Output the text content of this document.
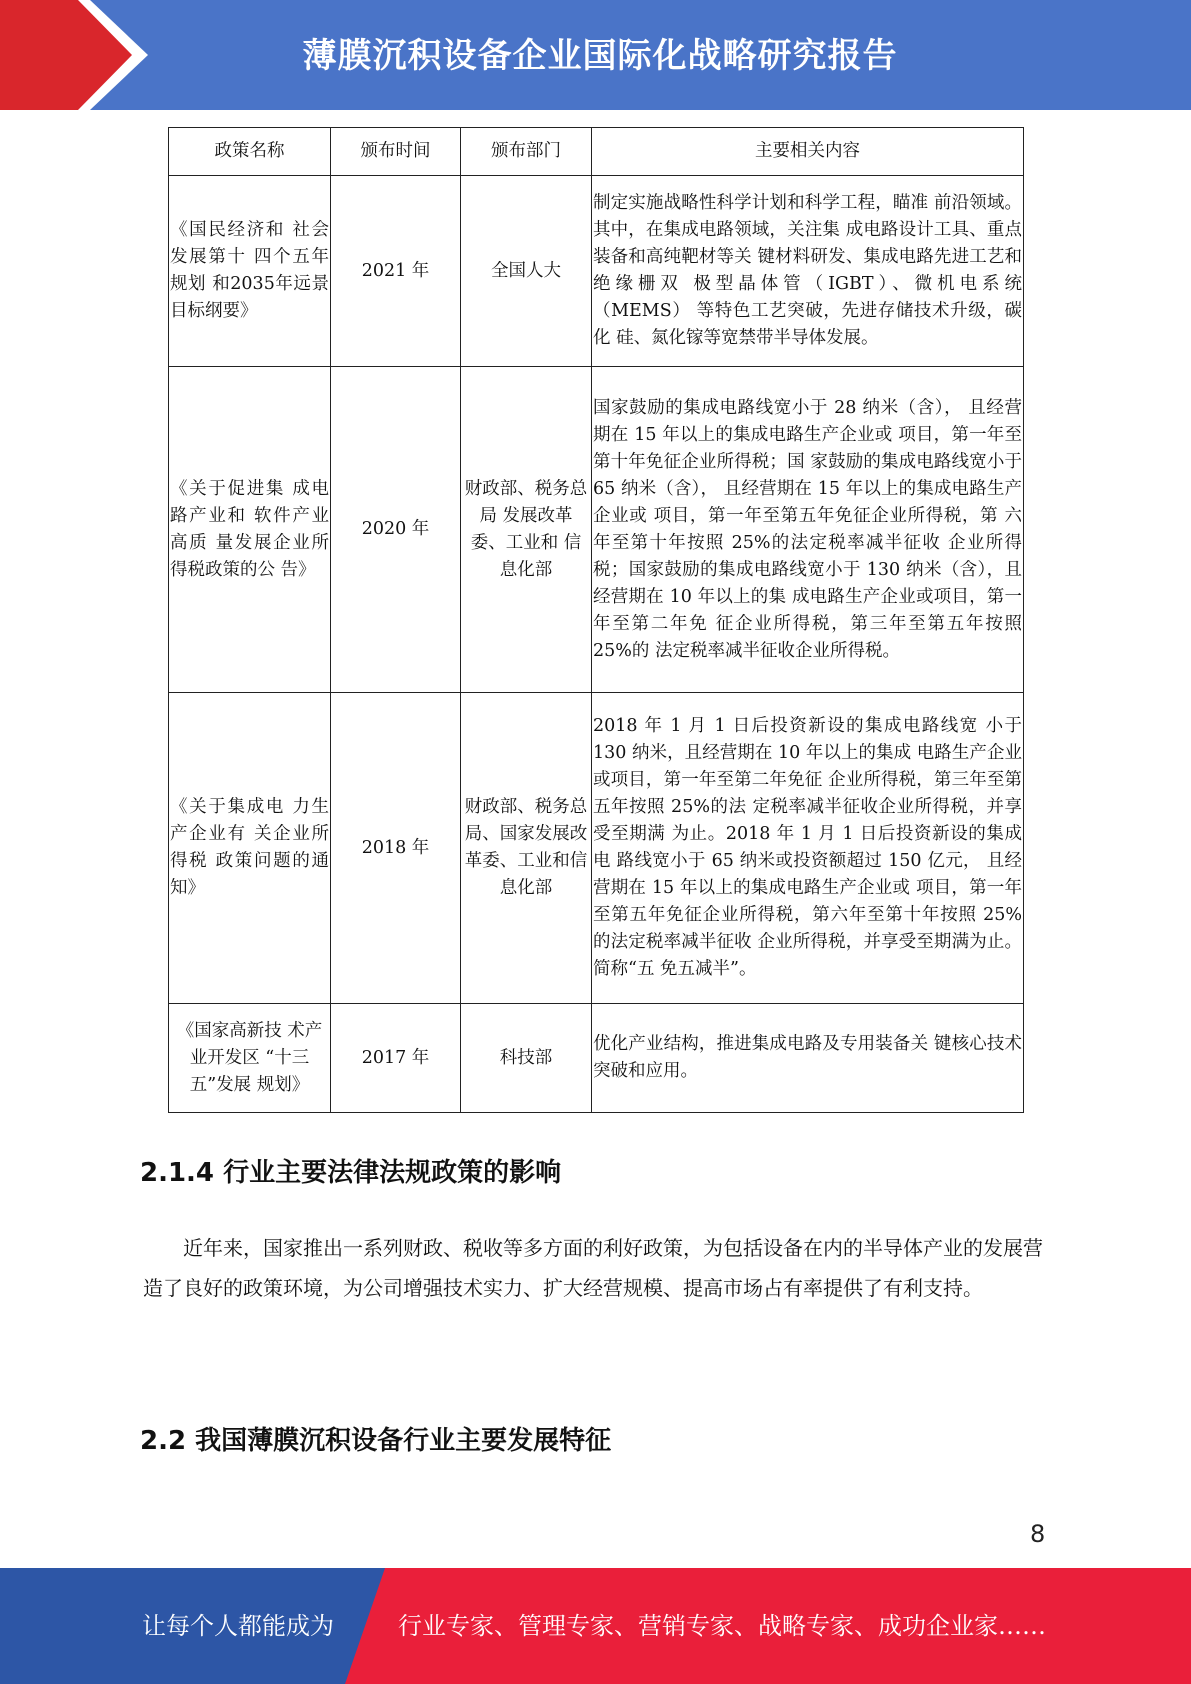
薄膜沉积设备企业国际化战略研究报告
政策名称	颁布时间	颁布部门	主要相关内容
《国民经济和 社会发展第十 四个五年规划 和2035年远景 目标纲要》	2021 年	全国人大	制定实施战略性科学计划和科学工程，瞄准 前沿领域。其中，在集成电路领域，关注集 成电路设计工具、重点装备和高纯靶材等关 键材料研发、集成电路先进工艺和绝缘栅双 极型晶体管（IGBT）、微机电系统（MEMS） 等特色工艺突破，先进存储技术升级，碳化 硅、氮化镓等宽禁带半导体发展。
《关于促进集 成电路产业和 软件产业高质 量发展企业所 得税政策的公 告》	2020 年	财政部、税务总局 发展改革 委、工业和 信息化部	国家鼓励的集成电路线宽小于 28 纳米（含）， 且经营期在 15 年以上的集成电路生产企业或 项目，第一年至第十年免征企业所得税；国 家鼓励的集成电路线宽小于 65 纳米（含）， 且经营期在 15 年以上的集成电路生产企业或 项目，第一年至第五年免征企业所得税，第 六年至第十年按照 25%的法定税率减半征收 企业所得税；国家鼓励的集成电路线宽小于 130 纳米（含），且经营期在 10 年以上的集 成电路生产企业或项目，第一年至第二年免 征企业所得税，第三年至第五年按照 25%的 法定税率减半征收企业所得税。
《关于集成电 力生产企业有 关企业所得税 政策问题的通 知》	2018 年	财政部、税务总局、国家发展改革委、工业和信息化部	2018 年 1 月 1 日后投资新设的集成电路线宽 小于 130 纳米，且经营期在 10 年以上的集成 电路生产企业或项目，第一年至第二年免征 企业所得税，第三年至第五年按照 25%的法 定税率减半征收企业所得税，并享受至期满 为止。2018 年 1 月 1 日后投资新设的集成电 路线宽小于 65 纳米或投资额超过 150 亿元， 且经营期在 15 年以上的集成电路生产企业或 项目，第一年至第五年免征企业所得税，第六年至第十年按照 25%的法定税率减半征收 企业所得税，并享受至期满为止。简称“五 免五减半”。
《国家高新技 术产业开发区 “十三五”发展 规划》	2017 年	科技部	优化产业结构，推进集成电路及专用装备关 键核心技术突破和应用。
2.1.4 行业主要法律法规政策的影响

近年来，国家推出一系列财政、税收等多方面的利好政策，为包括设备在内的半导体产业的发展营造了良好的政策环境，为公司增强技术实力、扩大经营规模、提高市场占有率提供了有利支持。

2.2 我国薄膜沉积设备行业主要发展特征
8
让每个人都能成为	行业专家、管理专家、营销专家、战略专家、成功企业家……
